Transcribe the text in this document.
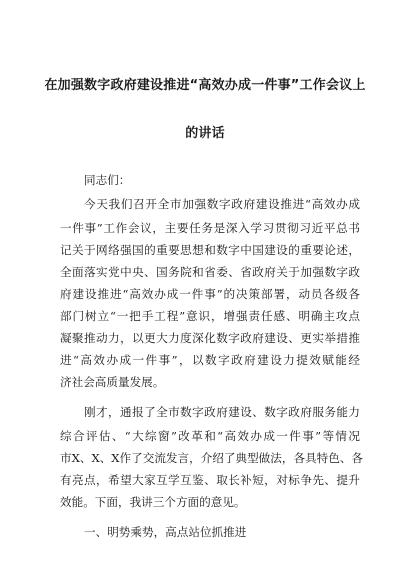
在加强数字政府建设推进“高效办成一件事”工作会议上
的讲话
同志们：
今天我们召开全市加强数字政府建设推进“高效办成
一件事”工作会议，主要任务是深入学习贯彻习近平总书
记关于网络强国的重要思想和数字中国建设的重要论述，
全面落实党中央、国务院和省委、省政府关于加强数字政
府建设推进“高效办成一件事”的决策部署，动员各级各
部门树立“一把手工程”意识，增强责任感、明确主攻点
凝聚推动力，以更大力度深化数字政府建设、更实举措推
进“高效办成一件事”，以数字政府建设力提效赋能经
济社会高质量发展。
刚才，通报了全市数字政府建设、数字政府服务能力
综合评估、“大综窗”改革和“高效办成一件事”等情况
市X、X、X作了交流发言，介绍了典型做法，各具特色、各
有亮点，希望大家互学互鉴、取长补短，对标争先、提升
效能。下面，我讲三个方面的意见。
一、明势乘势，高点站位抓推进
